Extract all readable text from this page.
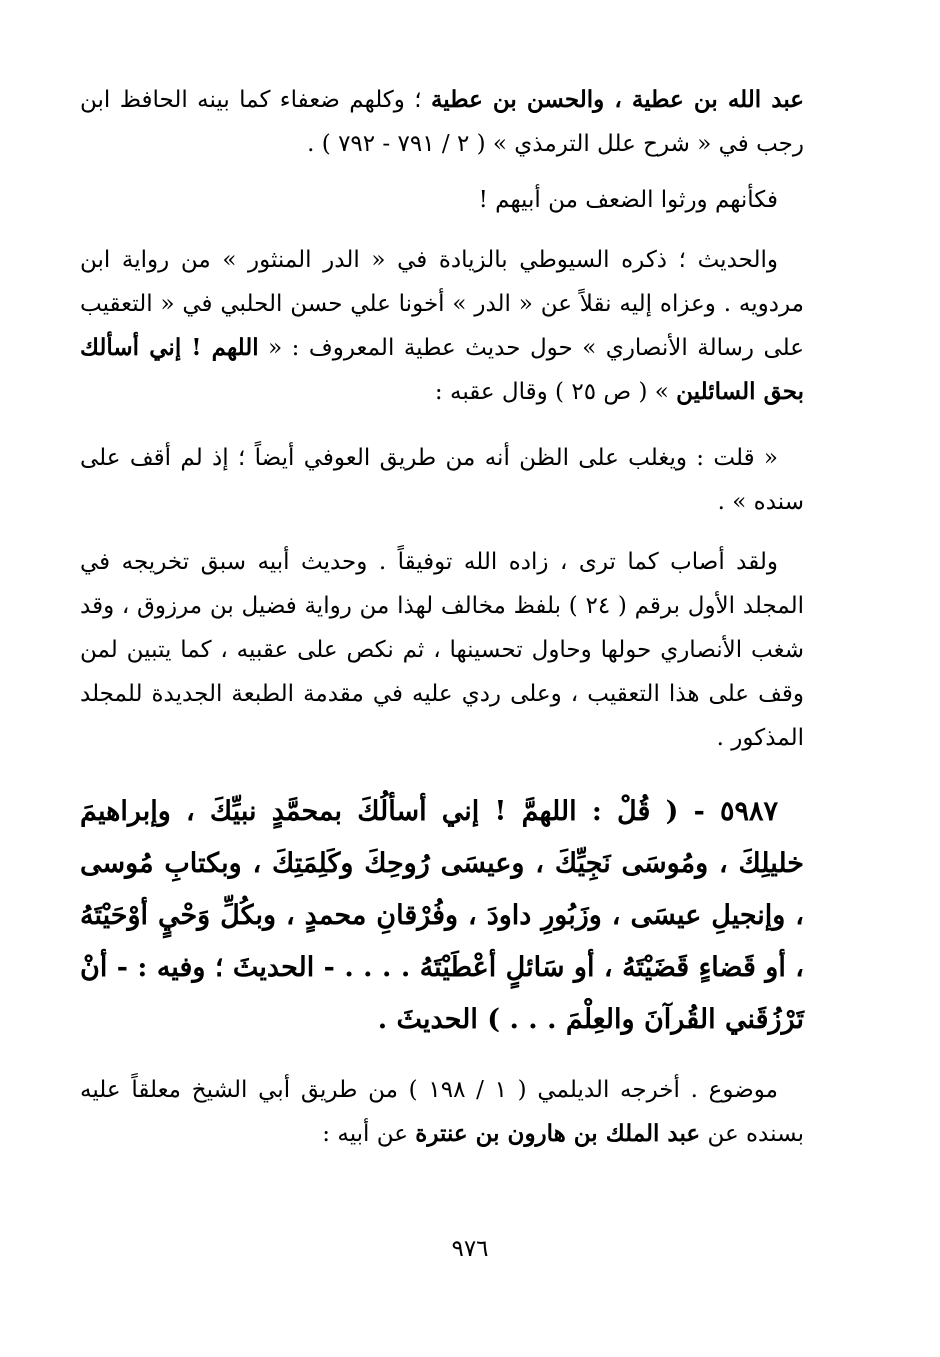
عبد الله بن عطية ، والحسن بن عطية ؛ وكلهم ضعفاء كما بينه الحافظ ابن رجب في « شرح علل الترمذي » ( ٢ / ٧٩١ - ٧٩٢ ) .

فكأنهم ورثوا الضعف من أبيهم !

والحديث ؛ ذكره السيوطي بالزيادة في « الدر المنثور » من رواية ابن مردويه . وعزاه إليه نقلاً عن « الدر » أخونا علي حسن الحلبي في « التعقيب على رسالة الأنصاري » حول حديث عطية المعروف : « اللهم ! إني أسألك بحق السائلين » ( ص ٢٥ ) وقال عقبه :

« قلت : ويغلب على الظن أنه من طريق العوفي أيضاً ؛ إذ لم أقف على سنده » .

ولقد أصاب كما ترى ، زاده الله توفيقاً . وحديث أبيه سبق تخريجه في المجلد الأول برقم ( ٢٤ ) بلفظ مخالف لهذا من رواية فضيل بن مرزوق ، وقد شغب الأنصاري حولها وحاول تحسينها ، ثم نكص على عقبيه ، كما يتبين لمن وقف على هذا التعقيب ، وعلى ردي عليه في مقدمة الطبعة الجديدة للمجلد المذكور .

٥٩٨٧ - ( قُلْ : اللهمَّ ! إني أسألُكَ بمحمَّدٍ نبيِّكَ ، وإبراهيمَ خليلِكَ ، ومُوسَى نَجِيِّكَ ، وعيسَى رُوحِكَ وكَلِمَتِكَ ، وبكتابِ مُوسى ، وإنجيلِ عيسَى ، وزَبُورِ داودَ ، وفُرْقانِ محمدٍ ، وبكُلِّ وَحْيٍ أوْحَيْتَهُ ، أو قَضاءٍ قَضَيْتَهُ ، أو سَائلٍ أعْطَيْتَهُ . . . . - الحديثَ ؛ وفيه : - أنْ تَرْزُقَني القُرآنَ والعِلْمَ . . . ) الحديثَ .

موضوع . أخرجه الديلمي ( ١ / ١٩٨ ) من طريق أبي الشيخ معلقاً عليه بسنده عن عبد الملك بن هارون بن عنترة عن أبيه :

٩٧٦
